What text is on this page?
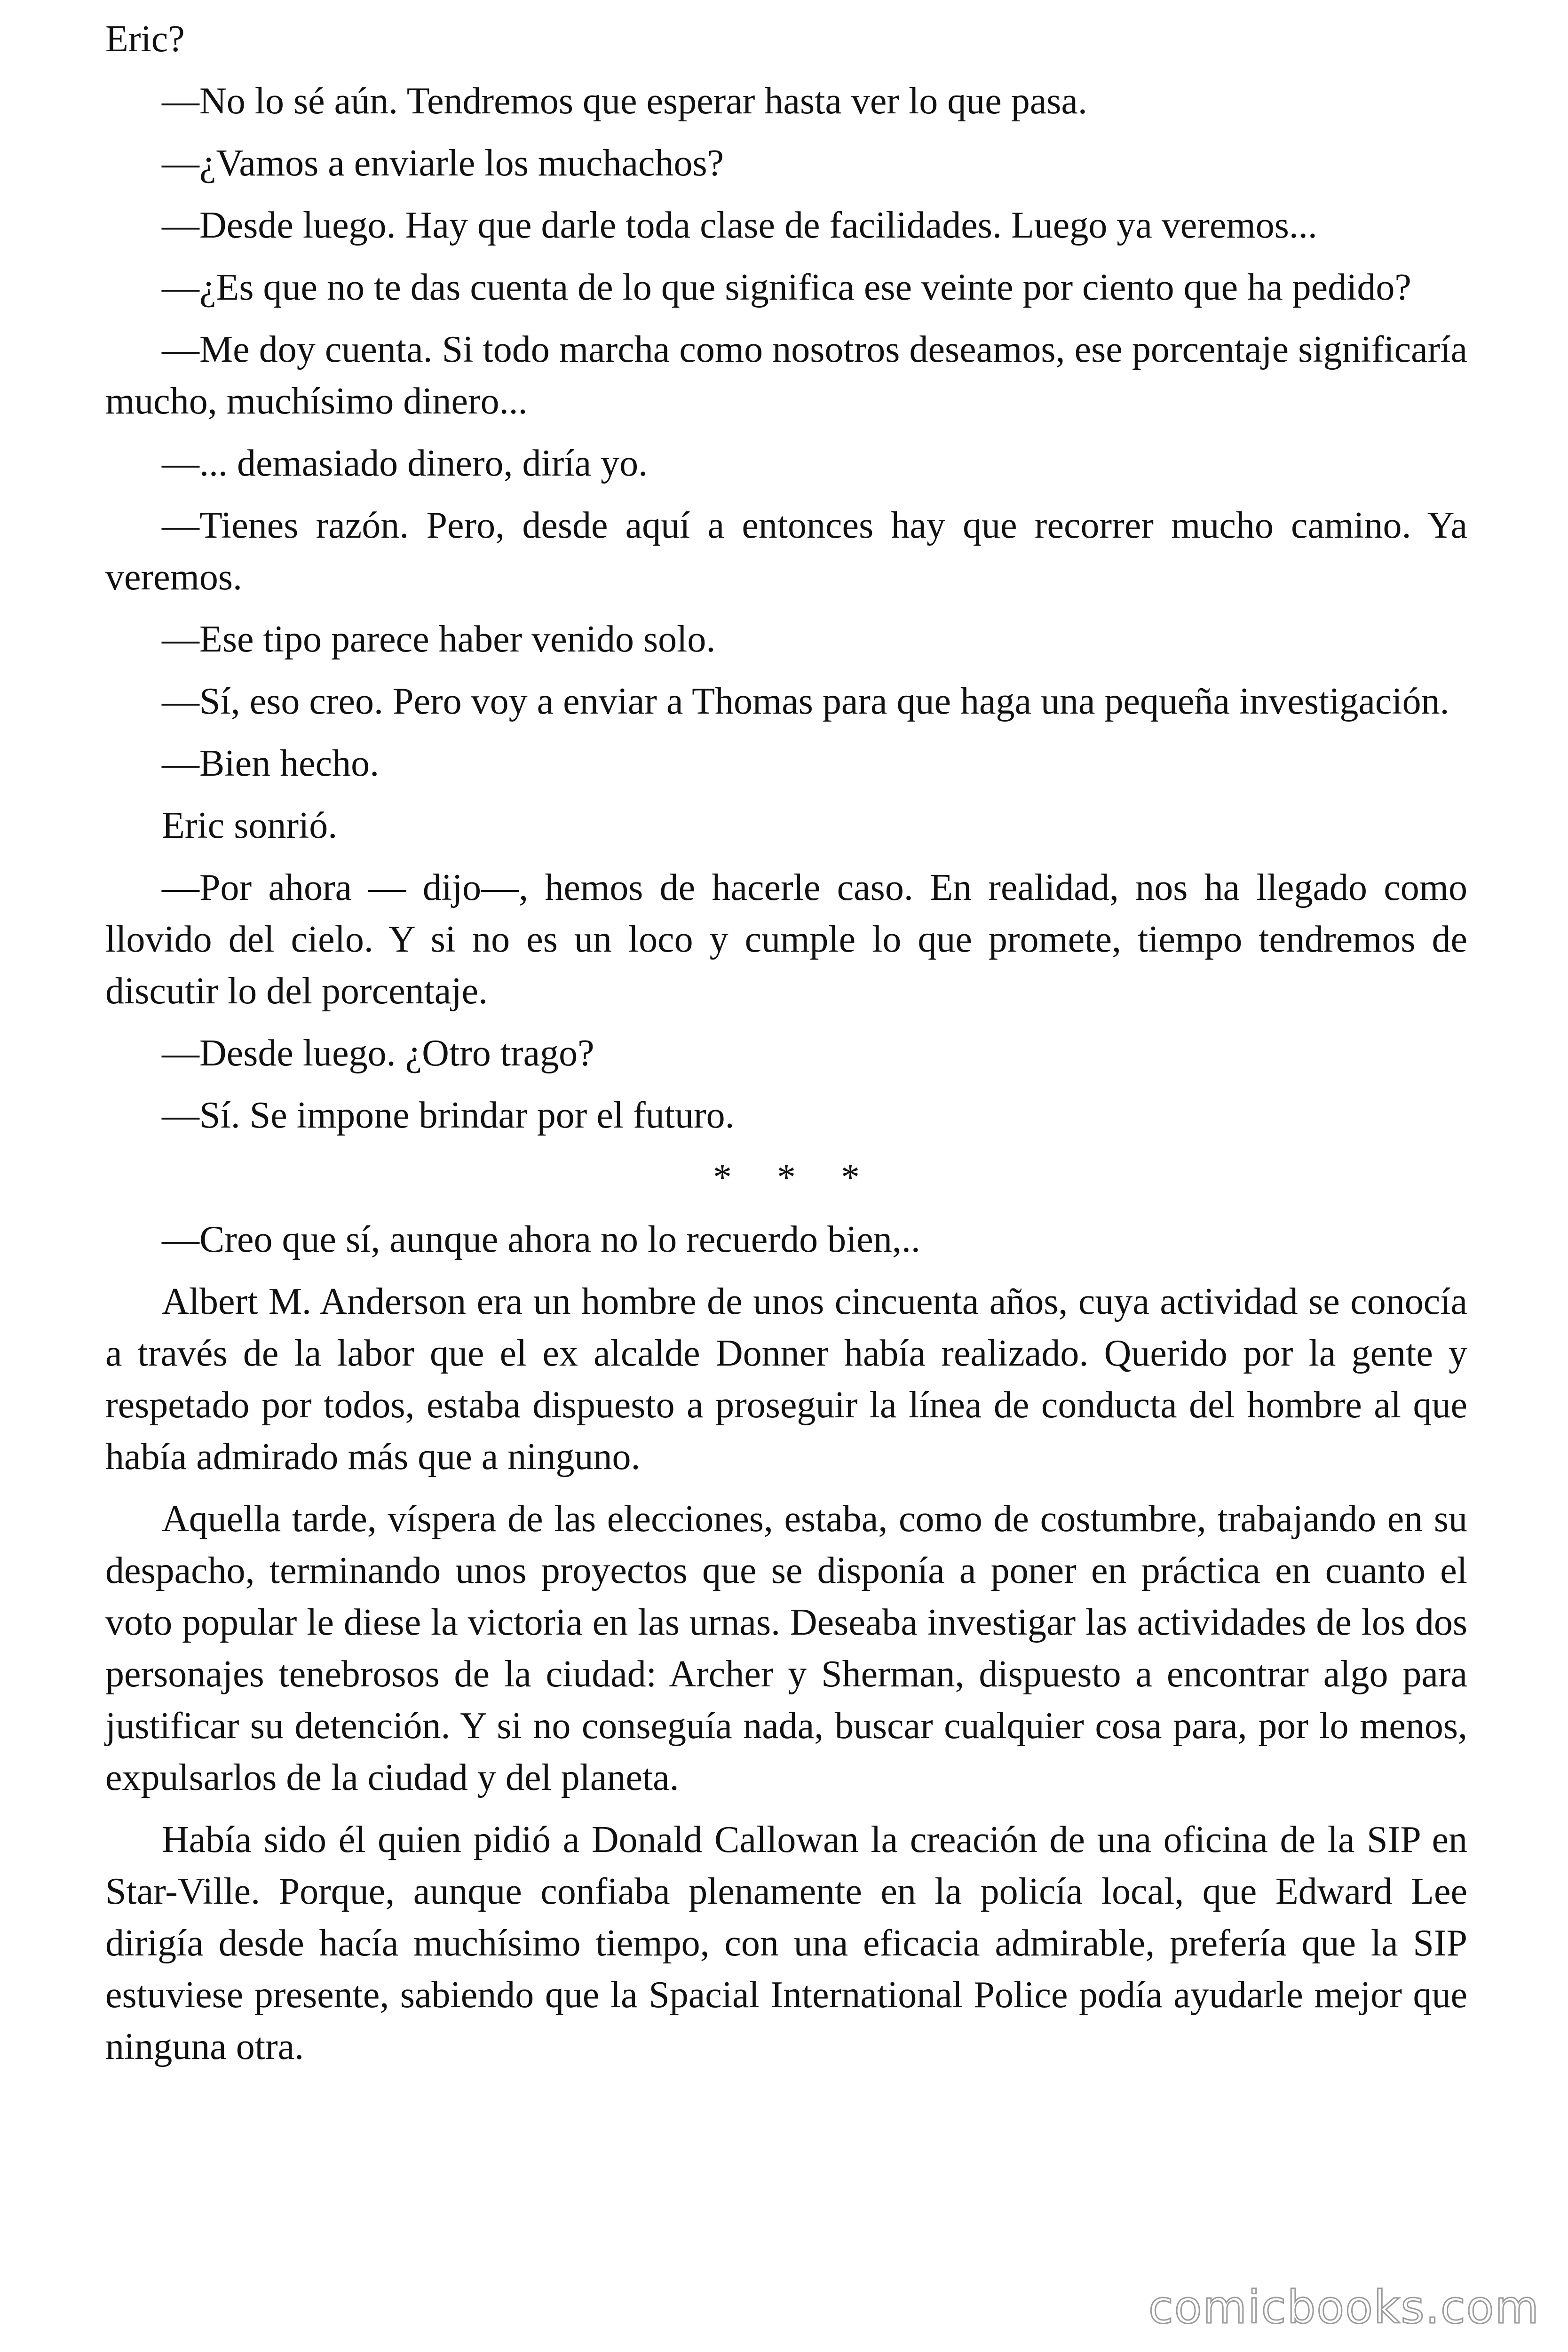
Eric?

—No lo sé aún. Tendremos que esperar hasta ver lo que pasa.

—¿Vamos a enviarle los muchachos?

—Desde luego. Hay que darle toda clase de facilidades. Luego ya veremos...

—¿Es que no te das cuenta de lo que significa ese veinte por ciento que ha pedido?

—Me doy cuenta. Si todo marcha como nosotros deseamos, ese porcentaje significaría mucho, muchísimo dinero...

—... demasiado dinero, diría yo.

—Tienes razón. Pero, desde aquí a entonces hay que recorrer mucho camino. Ya veremos.

—Ese tipo parece haber venido solo.

—Sí, eso creo. Pero voy a enviar a Thomas para que haga una pequeña investigación.

—Bien hecho.

Eric sonrió.

—Por ahora — dijo—, hemos de hacerle caso. En realidad, nos ha llegado como llovido del cielo. Y si no es un loco y cumple lo que promete, tiempo tendremos de discutir lo del porcentaje.

—Desde luego. ¿Otro trago?

—Sí. Se impone brindar por el futuro.

* * *

—Creo que sí, aunque ahora no lo recuerdo bien,..

Albert M. Anderson era un hombre de unos cincuenta años, cuya actividad se conocía a través de la labor que el ex alcalde Donner había realizado. Querido por la gente y respetado por todos, estaba dispuesto a proseguir la línea de conducta del hombre al que había admirado más que a ninguno.

Aquella tarde, víspera de las elecciones, estaba, como de costumbre, trabajando en su despacho, terminando unos proyectos que se disponía a poner en práctica en cuanto el voto popular le diese la victoria en las urnas. Deseaba investigar las actividades de los dos personajes tenebrosos de la ciudad: Archer y Sherman, dispuesto a encontrar algo para justificar su detención. Y si no conseguía nada, buscar cualquier cosa para, por lo menos, expulsarlos de la ciudad y del planeta.

Había sido él quien pidió a Donald Callowan la creación de una oficina de la SIP en Star-Ville. Porque, aunque confiaba plenamente en la policía local, que Edward Lee dirigía desde hacía muchísimo tiempo, con una eficacia admirable, prefería que la SIP estuviese presente, sabiendo que la Spacial International Police podía ayudarle mejor que ninguna otra.

comicbooks.com
